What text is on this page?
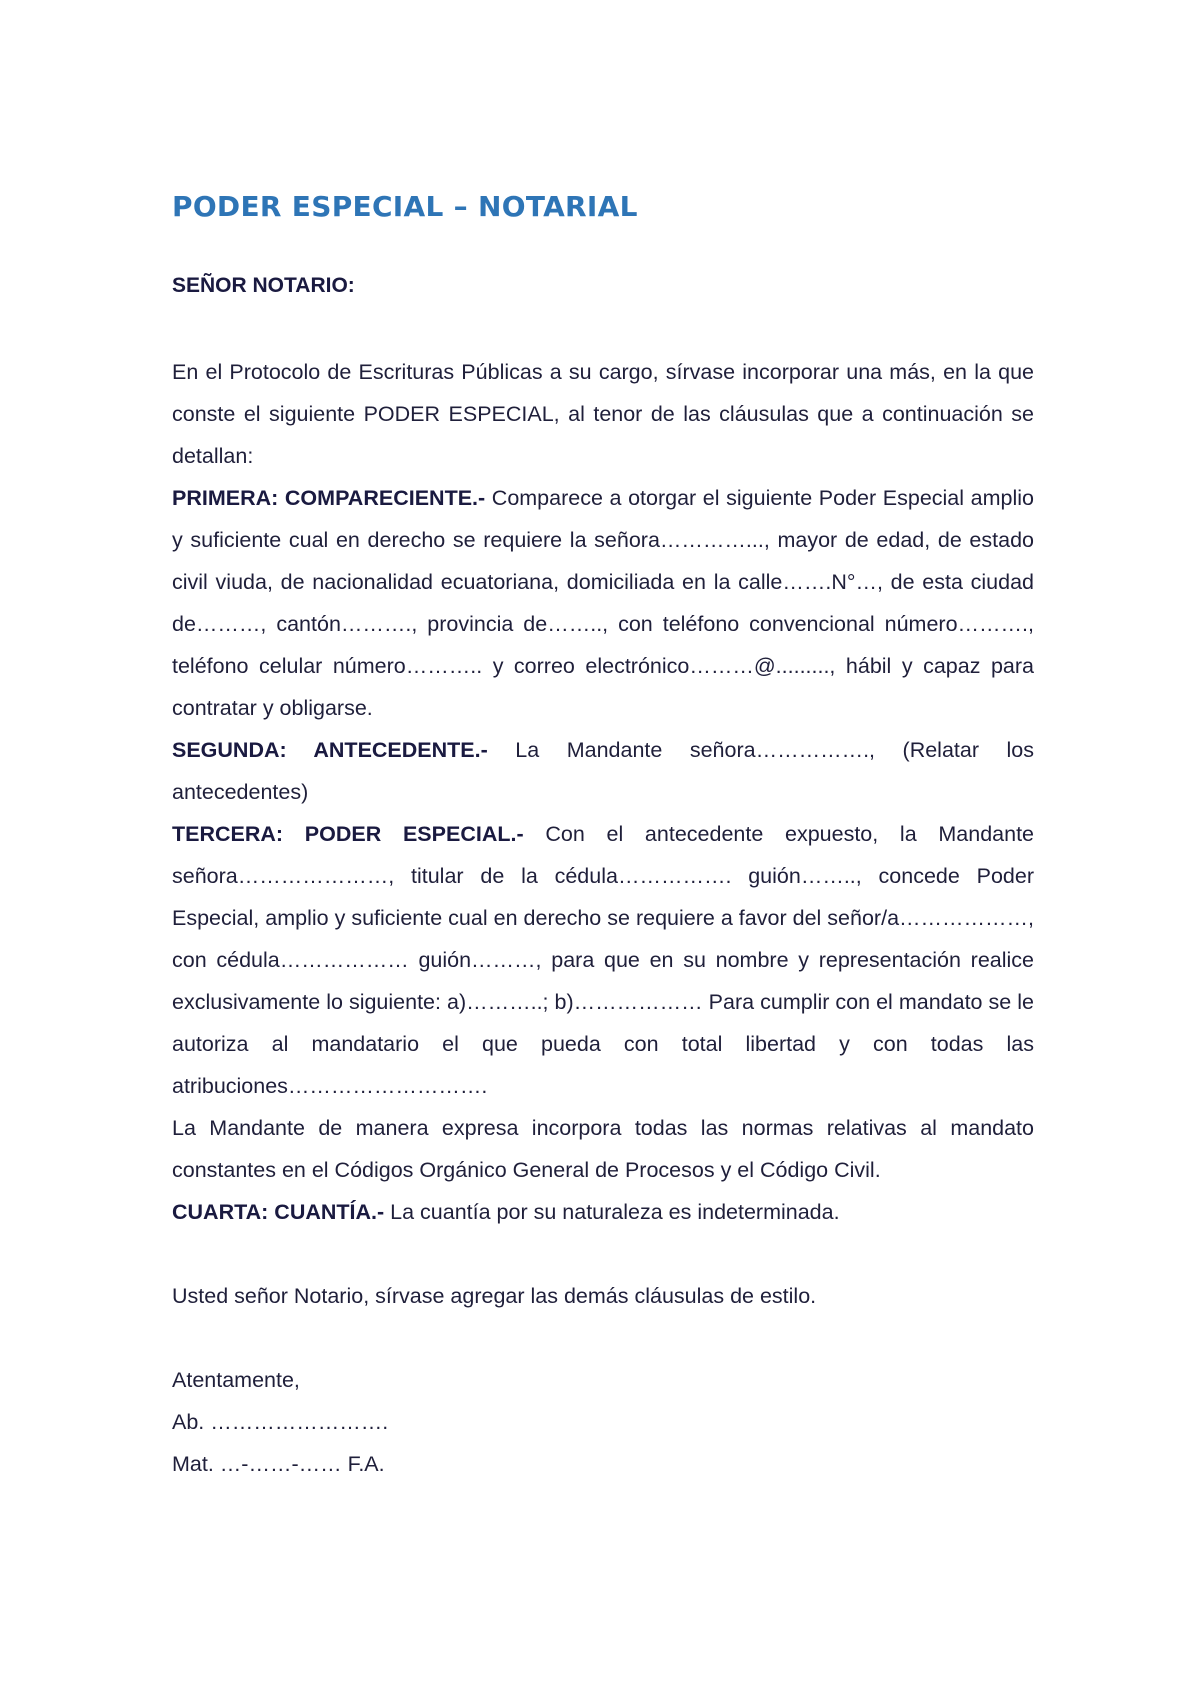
PODER ESPECIAL – NOTARIAL
SEÑOR NOTARIO:

En el Protocolo de Escrituras Públicas a su cargo, sírvase incorporar una más, en la que conste el siguiente PODER ESPECIAL, al tenor de las cláusulas que a continuación se detallan:

PRIMERA: COMPARECIENTE.- Comparece a otorgar el siguiente Poder Especial amplio y suficiente cual en derecho se requiere la señora…………..., mayor de edad, de estado civil viuda, de nacionalidad ecuatoriana, domiciliada en la calle…….N°…, de esta ciudad de………, cantón………., provincia de…….., con teléfono convencional número………., teléfono celular número……….. y correo electrónico………@........., hábil y capaz para contratar y obligarse.

SEGUNDA: ANTECEDENTE.- La Mandante señora……………., (Relatar los antecedentes)

TERCERA: PODER ESPECIAL.- Con el antecedente expuesto, la Mandante señora…………………, titular de la cédula……………. guión…….., concede Poder Especial, amplio y suficiente cual en derecho se requiere a favor del señor/a………………, con cédula……………… guión………, para que en su nombre y representación realice exclusivamente lo siguiente: a)………..; b)……………… Para cumplir con el mandato se le autoriza al mandatario el que pueda con total libertad y con todas las atribuciones……………………….

La Mandante de manera expresa incorpora todas las normas relativas al mandato constantes en el Códigos Orgánico General de Procesos y el Código Civil.

CUARTA: CUANTÍA.- La cuantía por su naturaleza es indeterminada.

Usted señor Notario, sírvase agregar las demás cláusulas de estilo.

Atentamente,

Ab. …………………….

Mat. …-……-…… F.A.
